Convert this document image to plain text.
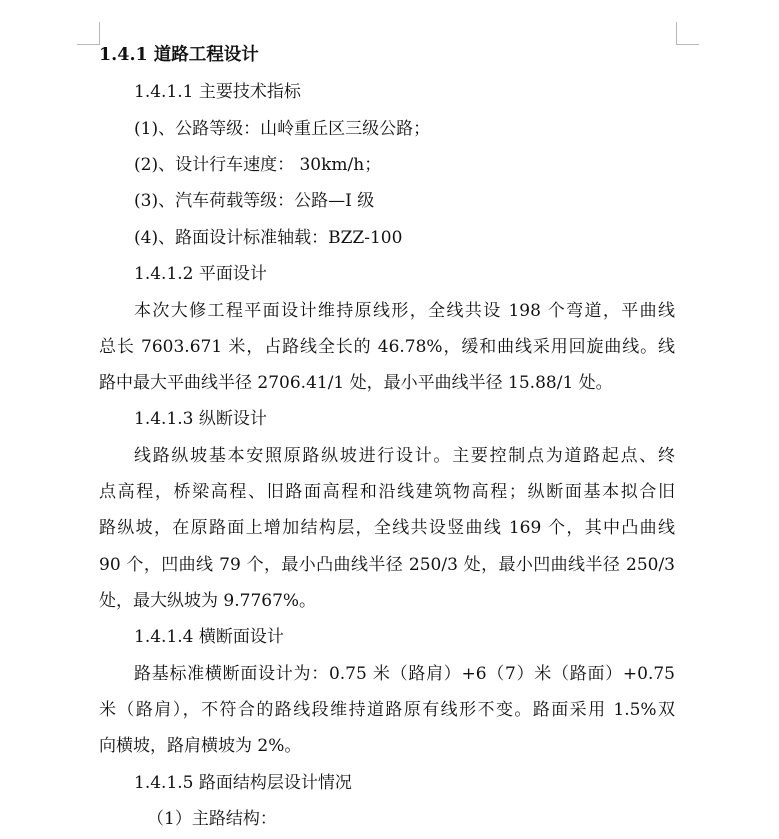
1.4.1 道路工程设计
1.4.1.1 主要技术指标
(1)、公路等级：山岭重丘区三级公路；
(2)、设计行车速度： 30km/h；
(3)、汽车荷载等级：公路—I 级
(4)、路面设计标准轴载：BZZ-100
1.4.1.2 平面设计
本次大修工程平面设计维持原线形，全线共设 198 个弯道，平曲线
总长 7603.671 米，占路线全长的 46.78%，缓和曲线采用回旋曲线。线
路中最大平曲线半径 2706.41/1 处，最小平曲线半径 15.88/1 处。
1.4.1.3 纵断设计
线路纵坡基本安照原路纵坡进行设计。主要控制点为道路起点、终
点高程，桥梁高程、旧路面高程和沿线建筑物高程；纵断面基本拟合旧
路纵坡，在原路面上增加结构层，全线共设竖曲线 169 个，其中凸曲线
90 个，凹曲线 79 个，最小凸曲线半径 250/3 处，最小凹曲线半径 250/3
处，最大纵坡为 9.7767%。
1.4.1.4 横断面设计
路基标准横断面设计为：0.75 米（路肩）+6（7）米（路面）+0.75
米（路肩），不符合的路线段维持道路原有线形不变。路面采用 1.5%双
向横坡，路肩横坡为 2%。
1.4.1.5 路面结构层设计情况
（1）主路结构：
